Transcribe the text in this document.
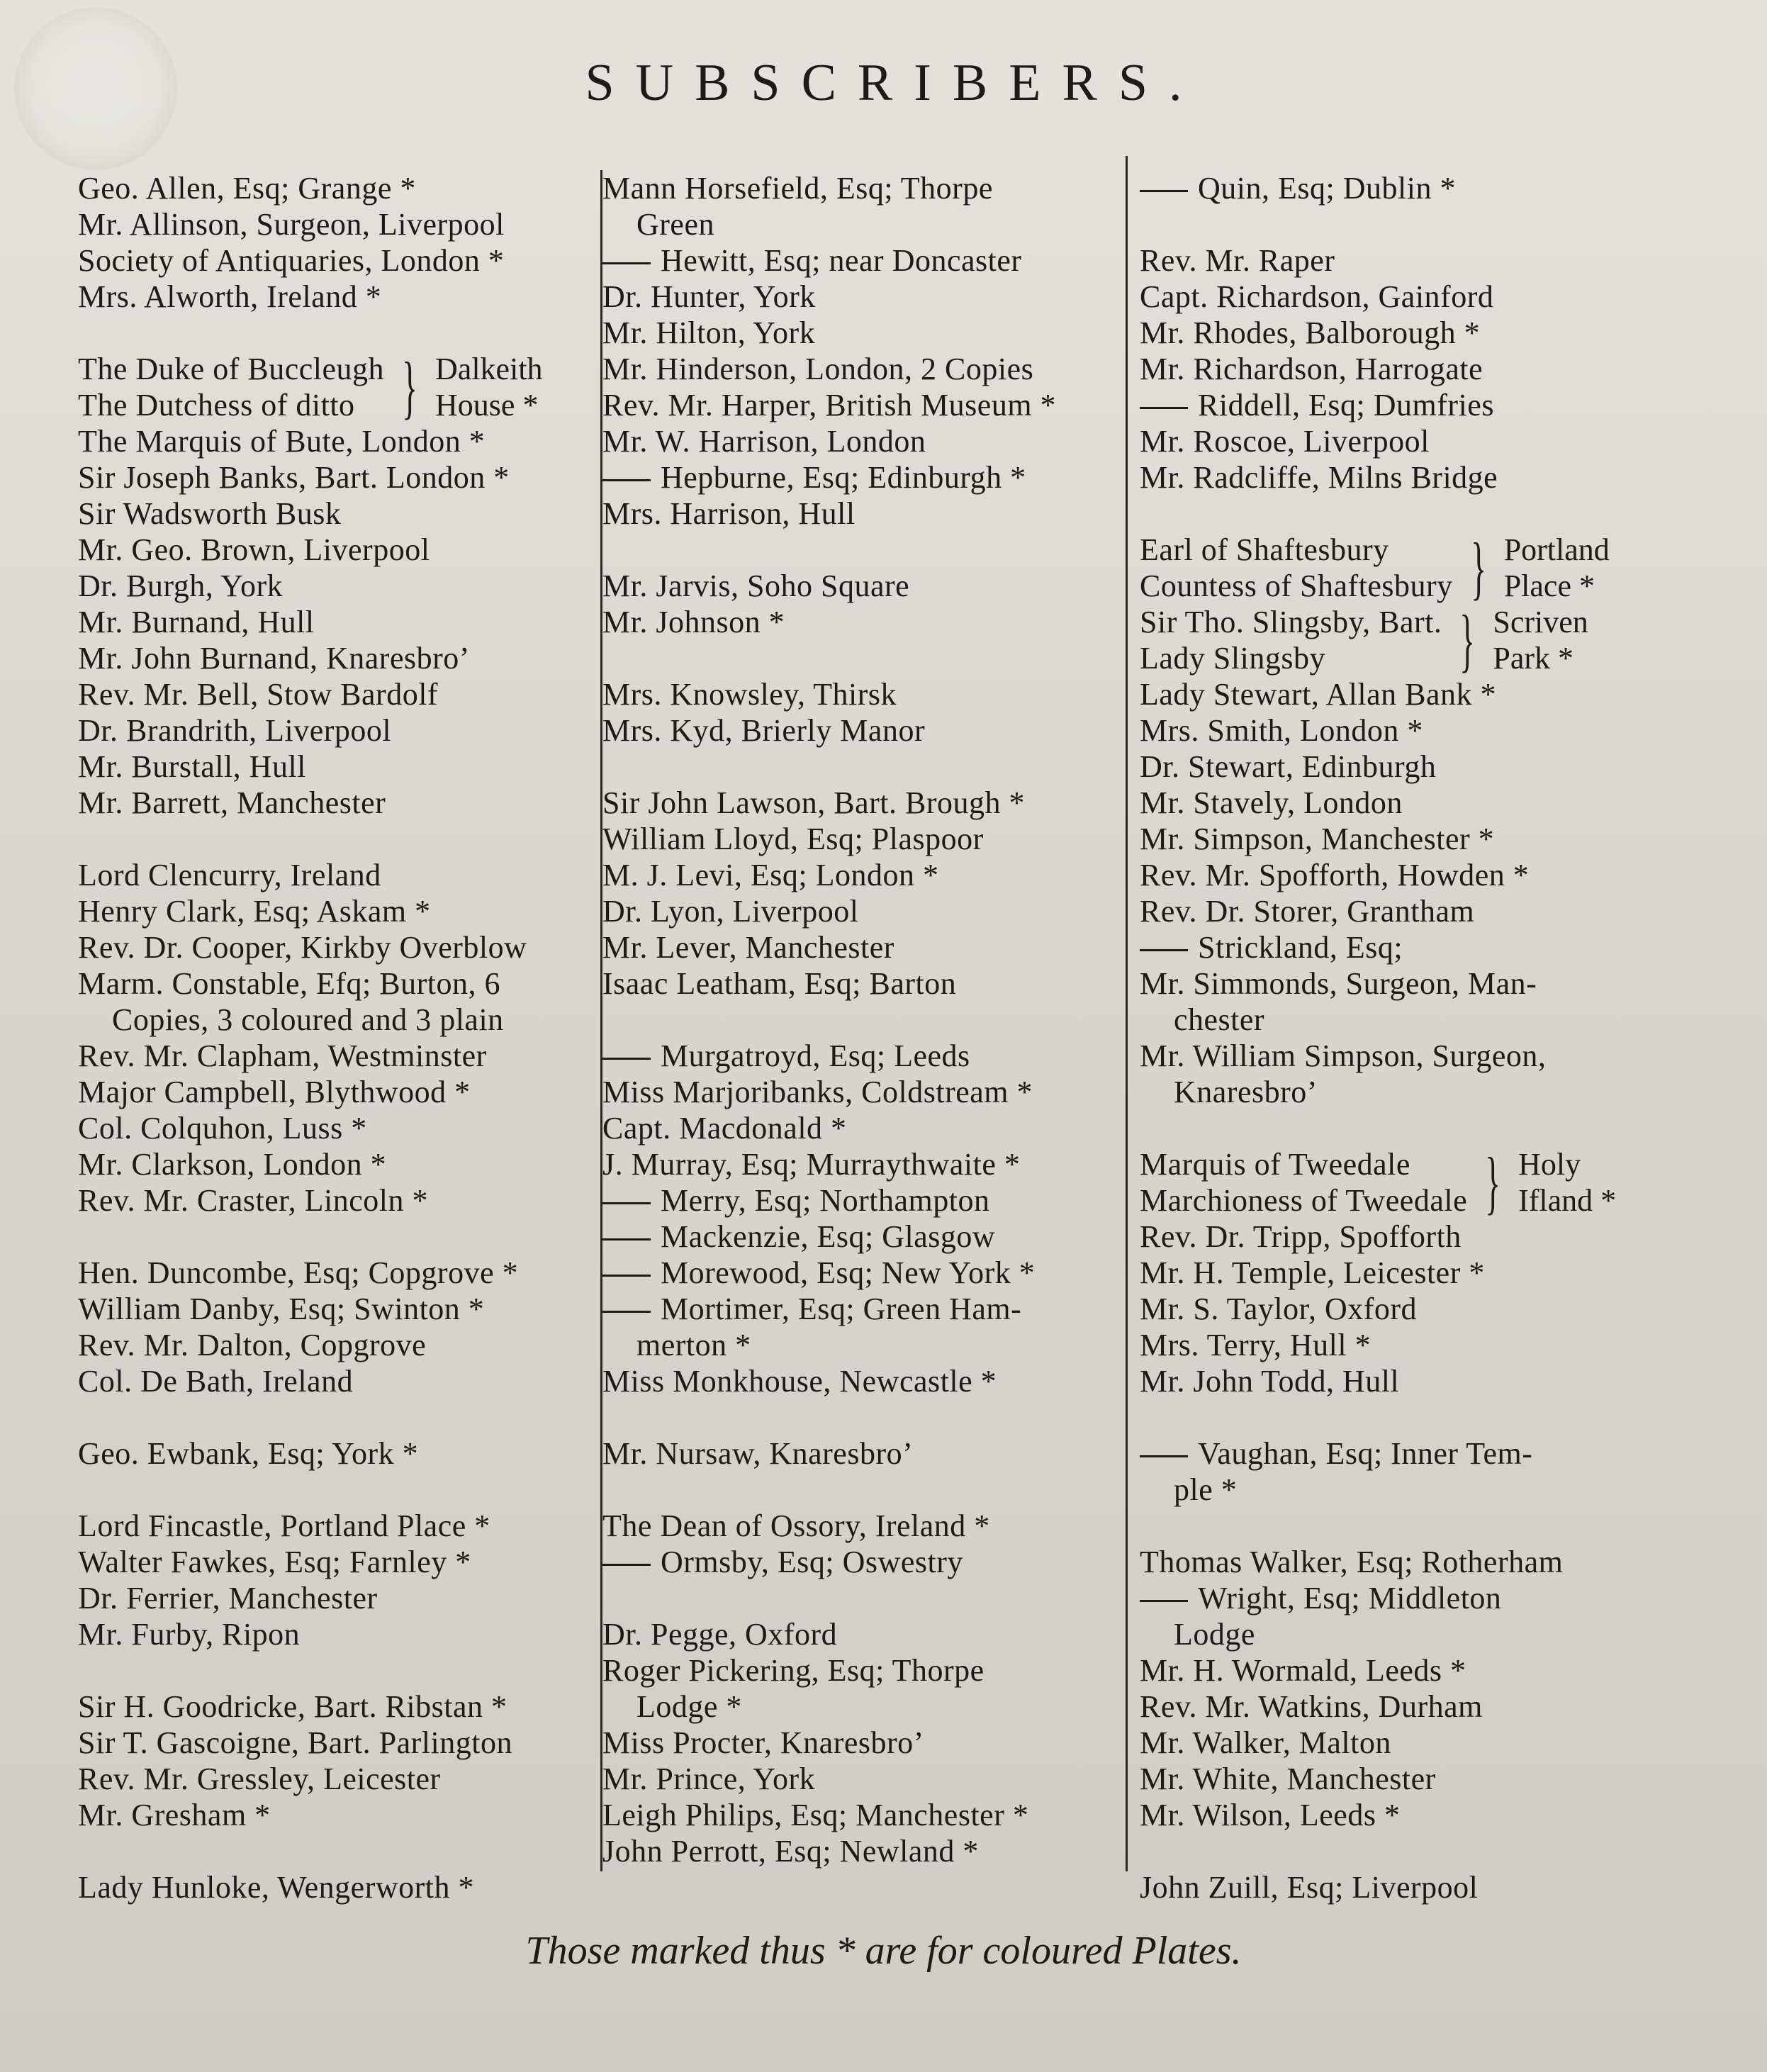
SUBSCRIBERS.
Geo. Allen, Esq; Grange *
Mr. Allinson, Surgeon, Liverpool
Society of Antiquaries, London *
Mrs. Alworth, Ireland *
The Duke of Buccleugh
The Dutchess of ditto } Dalkeith
House *
The Marquis of Bute, London *
Sir Joseph Banks, Bart. London *
Sir Wadsworth Busk
Mr. Geo. Brown, Liverpool
Dr. Burgh, York
Mr. Burnand, Hull
Mr. John Burnand, Knaresbro’
Rev. Mr. Bell, Stow Bardolf
Dr. Brandrith, Liverpool
Mr. Burstall, Hull
Mr. Barrett, Manchester
Lord Clencurry, Ireland
Henry Clark, Esq; Askam *
Rev. Dr. Cooper, Kirkby Overblow
Marm. Constable, Efq; Burton, 6
Copies, 3 coloured and 3 plain
Rev. Mr. Clapham, Westminster
Major Campbell, Blythwood *
Col. Colquhon, Luss *
Mr. Clarkson, London *
Rev. Mr. Craster, Lincoln *
Hen. Duncombe, Esq; Copgrove *
William Danby, Esq; Swinton *
Rev. Mr. Dalton, Copgrove
Col. De Bath, Ireland
Geo. Ewbank, Esq; York *
Lord Fincastle, Portland Place *
Walter Fawkes, Esq; Farnley *
Dr. Ferrier, Manchester
Mr. Furby, Ripon
Sir H. Goodricke, Bart. Ribstan *
Sir T. Gascoigne, Bart. Parlington
Rev. Mr. Gressley, Leicester
Mr. Gresham *
Lady Hunloke, Wengerworth *
Mann Horsefield, Esq; Thorpe
Green
Hewitt, Esq; near Doncaster
Dr. Hunter, York
Mr. Hilton, York
Mr. Hinderson, London, 2 Copies
Rev. Mr. Harper, British Museum *
Mr. W. Harrison, London
Hepburne, Esq; Edinburgh *
Mrs. Harrison, Hull
Mr. Jarvis, Soho Square
Mr. Johnson *
Mrs. Knowsley, Thirsk
Mrs. Kyd, Brierly Manor
Sir John Lawson, Bart. Brough *
William Lloyd, Esq; Plaspoor
M. J. Levi, Esq; London *
Dr. Lyon, Liverpool
Mr. Lever, Manchester
Isaac Leatham, Esq; Barton
Murgatroyd, Esq; Leeds
Miss Marjoribanks, Coldstream *
Capt. Macdonald *
J. Murray, Esq; Murraythwaite *
Merry, Esq; Northampton
Mackenzie, Esq; Glasgow
Morewood, Esq; New York *
Mortimer, Esq; Green Ham-
merton *
Miss Monkhouse, Newcastle *
Mr. Nursaw, Knaresbro’
The Dean of Ossory, Ireland *
Ormsby, Esq; Oswestry
Dr. Pegge, Oxford
Roger Pickering, Esq; Thorpe
Lodge *
Miss Procter, Knaresbro’
Mr. Prince, York
Leigh Philips, Esq; Manchester *
John Perrott, Esq; Newland *
Quin, Esq; Dublin *
Rev. Mr. Raper
Capt. Richardson, Gainford
Mr. Rhodes, Balborough *
Mr. Richardson, Harrogate
Riddell, Esq; Dumfries
Mr. Roscoe, Liverpool
Mr. Radcliffe, Milns Bridge
Earl of Shaftesbury
Countess of Shaftesbury } Portland
Place *
Sir Tho. Slingsby, Bart.
Lady Slingsby	} Scriven
Park *
Lady Stewart, Allan Bank *
Mrs. Smith, London *
Dr. Stewart, Edinburgh
Mr. Stavely, London
Mr. Simpson, Manchester *
Rev. Mr. Spofforth, Howden *
Rev. Dr. Storer, Grantham
Strickland, Esq;
Mr. Simmonds, Surgeon, Man-
chester
Mr. William Simpson, Surgeon,
Knaresbro’
Marquis of Tweedale
Marchioness of Tweedale } Holy
Ifland *
Rev. Dr. Tripp, Spofforth
Mr. H. Temple, Leicester *
Mr. S. Taylor, Oxford
Mrs. Terry, Hull *
Mr. John Todd, Hull
Vaughan, Esq; Inner Tem-
ple *
Thomas Walker, Esq; Rotherham
Wright, Esq; Middleton
Lodge
Mr. H. Wormald, Leeds *
Rev. Mr. Watkins, Durham
Mr. Walker, Malton
Mr. White, Manchester
Mr. Wilson, Leeds *
John Zuill, Esq; Liverpool
Those marked thus * are for coloured Plates.
